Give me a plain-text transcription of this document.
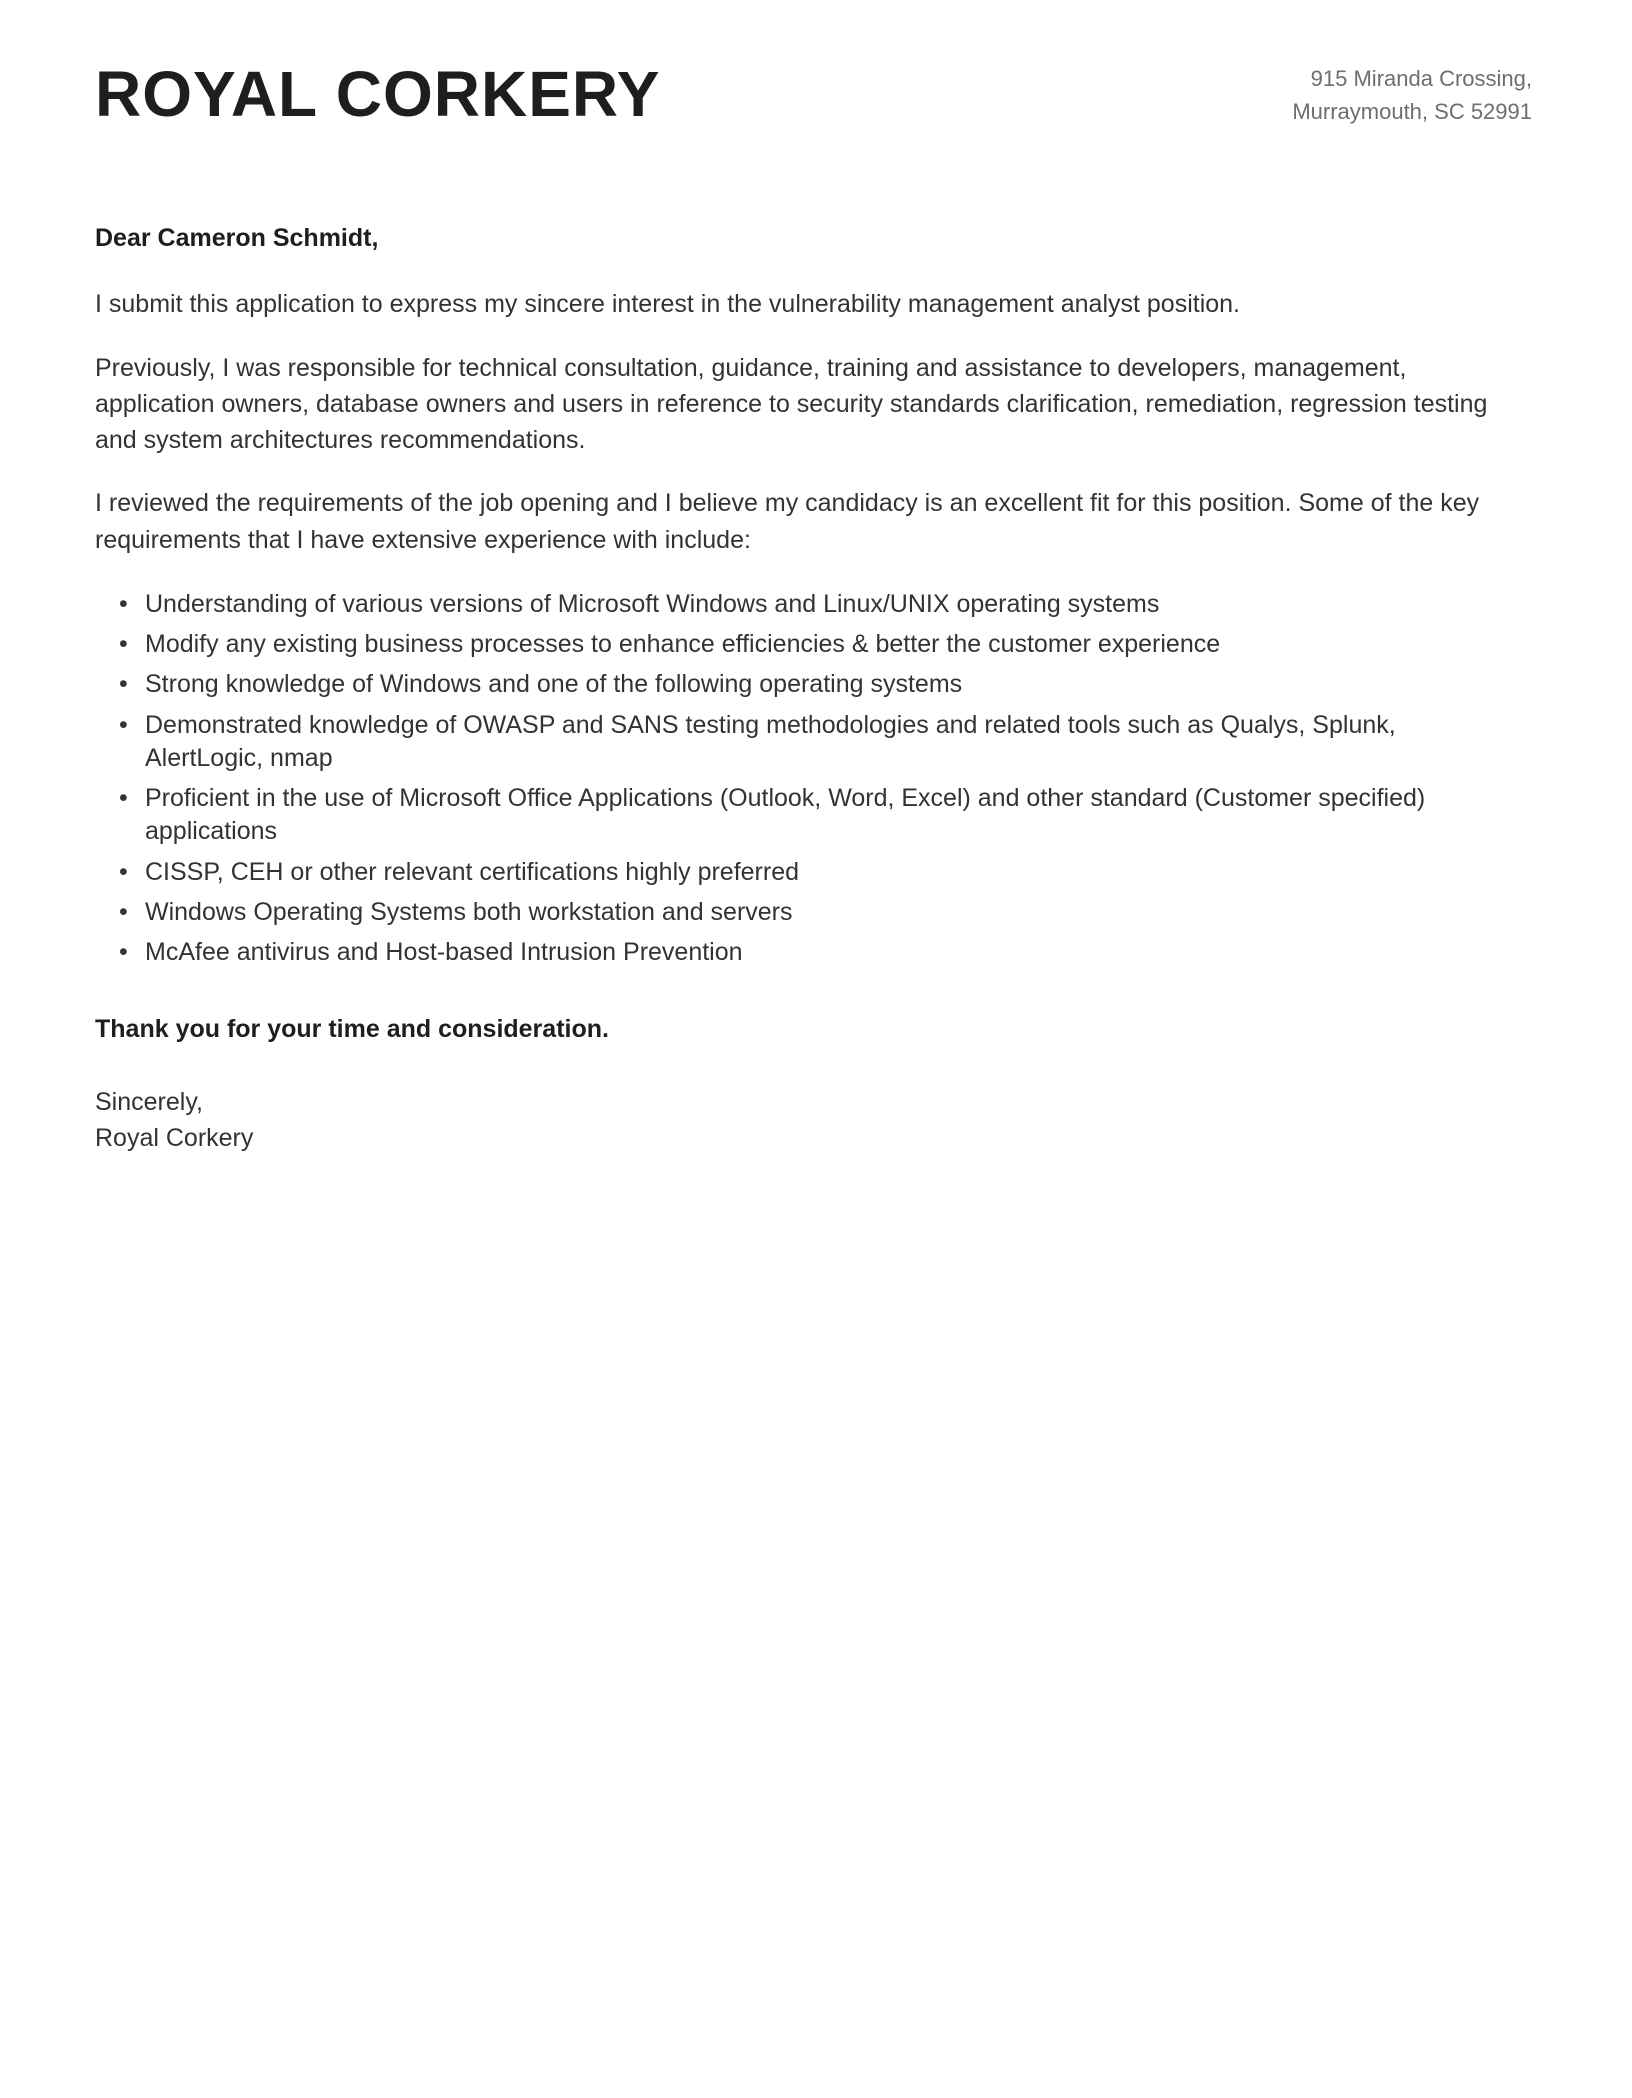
ROYAL CORKERY	915 Miranda Crossing,
Murraymouth, SC 52991

Dear Cameron Schmidt,

I submit this application to express my sincere interest in the vulnerability management analyst position.

Previously, I was responsible for technical consultation, guidance, training and assistance to developers, management, application owners, database owners and users in reference to security standards clarification, remediation, regression testing and system architectures recommendations.

I reviewed the requirements of the job opening and I believe my candidacy is an excellent fit for this position. Some of the key requirements that I have extensive experience with include:

• Understanding of various versions of Microsoft Windows and Linux/UNIX operating systems
• Modify any existing business processes to enhance efficiencies & better the customer experience
• Strong knowledge of Windows and one of the following operating systems
• Demonstrated knowledge of OWASP and SANS testing methodologies and related tools such as Qualys, Splunk, AlertLogic, nmap
• Proficient in the use of Microsoft Office Applications (Outlook, Word, Excel) and other standard (Customer specified) applications
• CISSP, CEH or other relevant certifications highly preferred
• Windows Operating Systems both workstation and servers
• McAfee antivirus and Host-based Intrusion Prevention

Thank you for your time and consideration.

Sincerely,
Royal Corkery
